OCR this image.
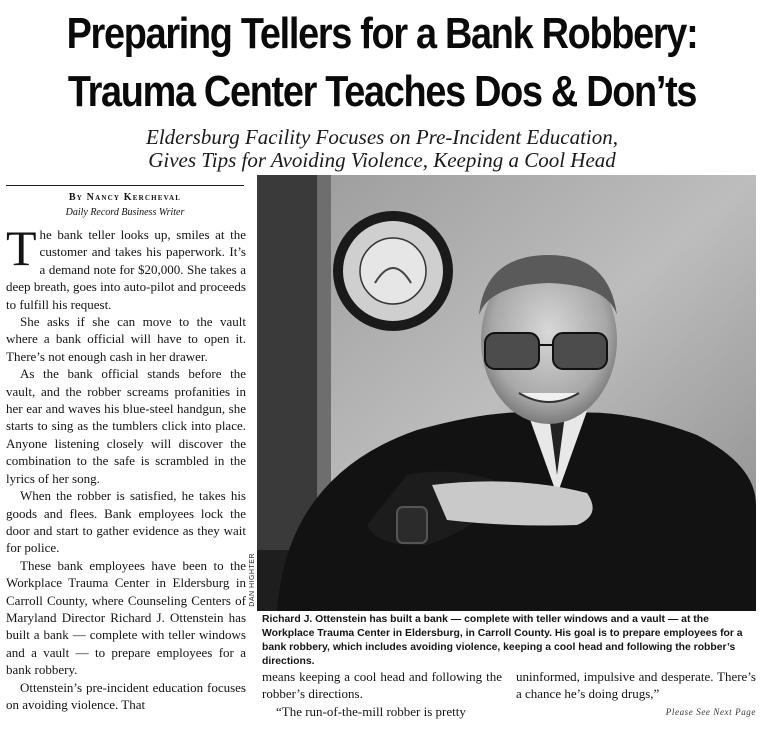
Preparing Tellers for a Bank Robbery:
Trauma Center Teaches Dos & Don’ts
Eldersburg Facility Focuses on Pre-Incident Education,
Gives Tips for Avoiding Violence, Keeping a Cool Head
By Nancy Kercheval
Daily Record Business Writer

The bank teller looks up, smiles at the customer and takes his paperwork. It’s a demand note for $20,000. She takes a deep breath, goes into auto-pilot and proceeds to fulfill his request.

She asks if she can move to the vault where a bank official will have to open it. There’s not enough cash in her drawer.

As the bank official stands before the vault, and the robber screams profanities in her ear and waves his blue-steel handgun, she starts to sing as the tumblers click into place. Anyone listening closely will discover the combination to the safe is scrambled in the lyrics of her song.

When the robber is satisfied, he takes his goods and flees. Bank employees lock the door and start to gather evidence as they wait for police.

These bank employees have been to the Workplace Trauma Center in Eldersburg in Carroll County, where Counseling Centers of Maryland Director Richard J. Ottenstein has built a bank — complete with teller windows and a vault — to prepare employees for a bank robbery.

Ottenstein’s pre-incident education focuses on avoiding violence. That

DAN HIGHTER
Richard J. Ottenstein has built a bank — complete with teller windows and a vault — at the Workplace Trauma Center in Eldersburg, in Carroll County. His goal is to prepare employees for a bank robbery, which includes avoiding violence, keeping a cool head and following the robber’s directions.

means keeping a cool head and following the robber’s directions.

“The run-of-the-mill robber is pretty

uninformed, impulsive and desperate. There’s a chance he’s doing drugs,”

Please See Next Page
